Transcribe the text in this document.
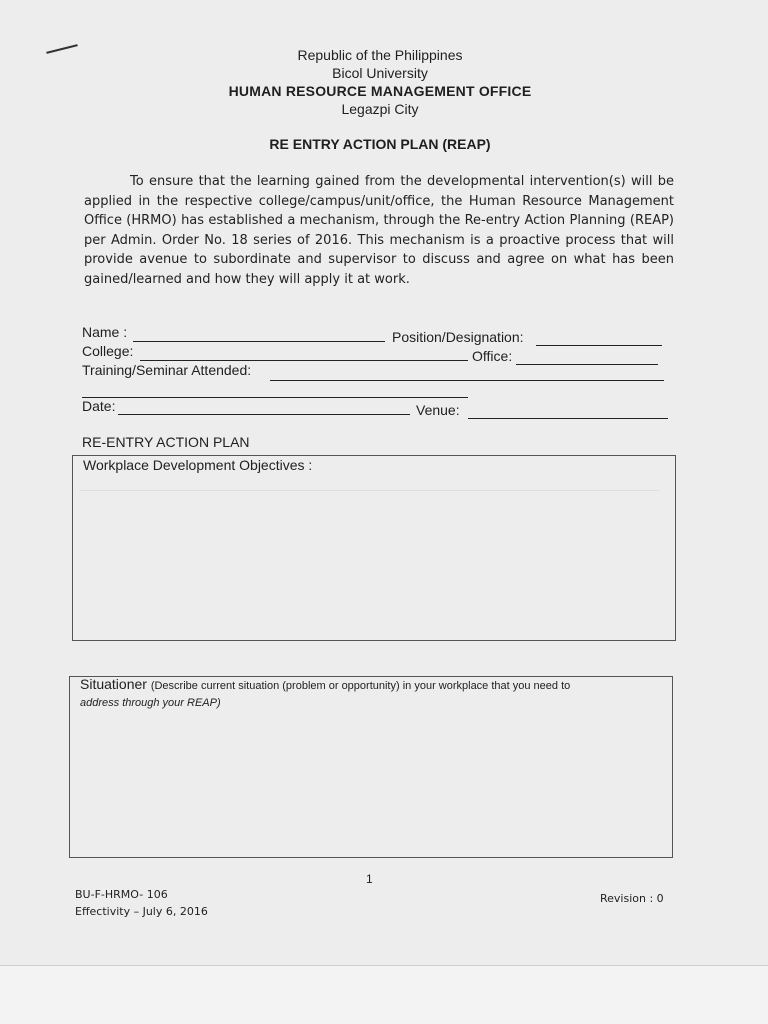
Republic of the Philippines
Bicol University
HUMAN RESOURCE MANAGEMENT OFFICE
Legazpi City
RE ENTRY ACTION PLAN (REAP)
To ensure that the learning gained from the developmental intervention(s) will be applied in the respective college/campus/unit/office, the Human Resource Management Office (HRMO) has established a mechanism, through the Re-entry Action Planning (REAP) per Admin. Order No. 18 series of 2016. This mechanism is a proactive process that will provide avenue to subordinate and supervisor to discuss and agree on what has been gained/learned and how they will apply it at work.
Name :	Position/Designation:
College:	Office:
Training/Seminar Attended:
Date:	Venue:
RE-ENTRY ACTION PLAN
Workplace Development Objectives :
Situationer (Describe current situation (problem or opportunity) in your workplace that you need to
address through your REAP)
1
BU-F-HRMO- 106
Effectivity – July 6, 2016
Revision : 0
